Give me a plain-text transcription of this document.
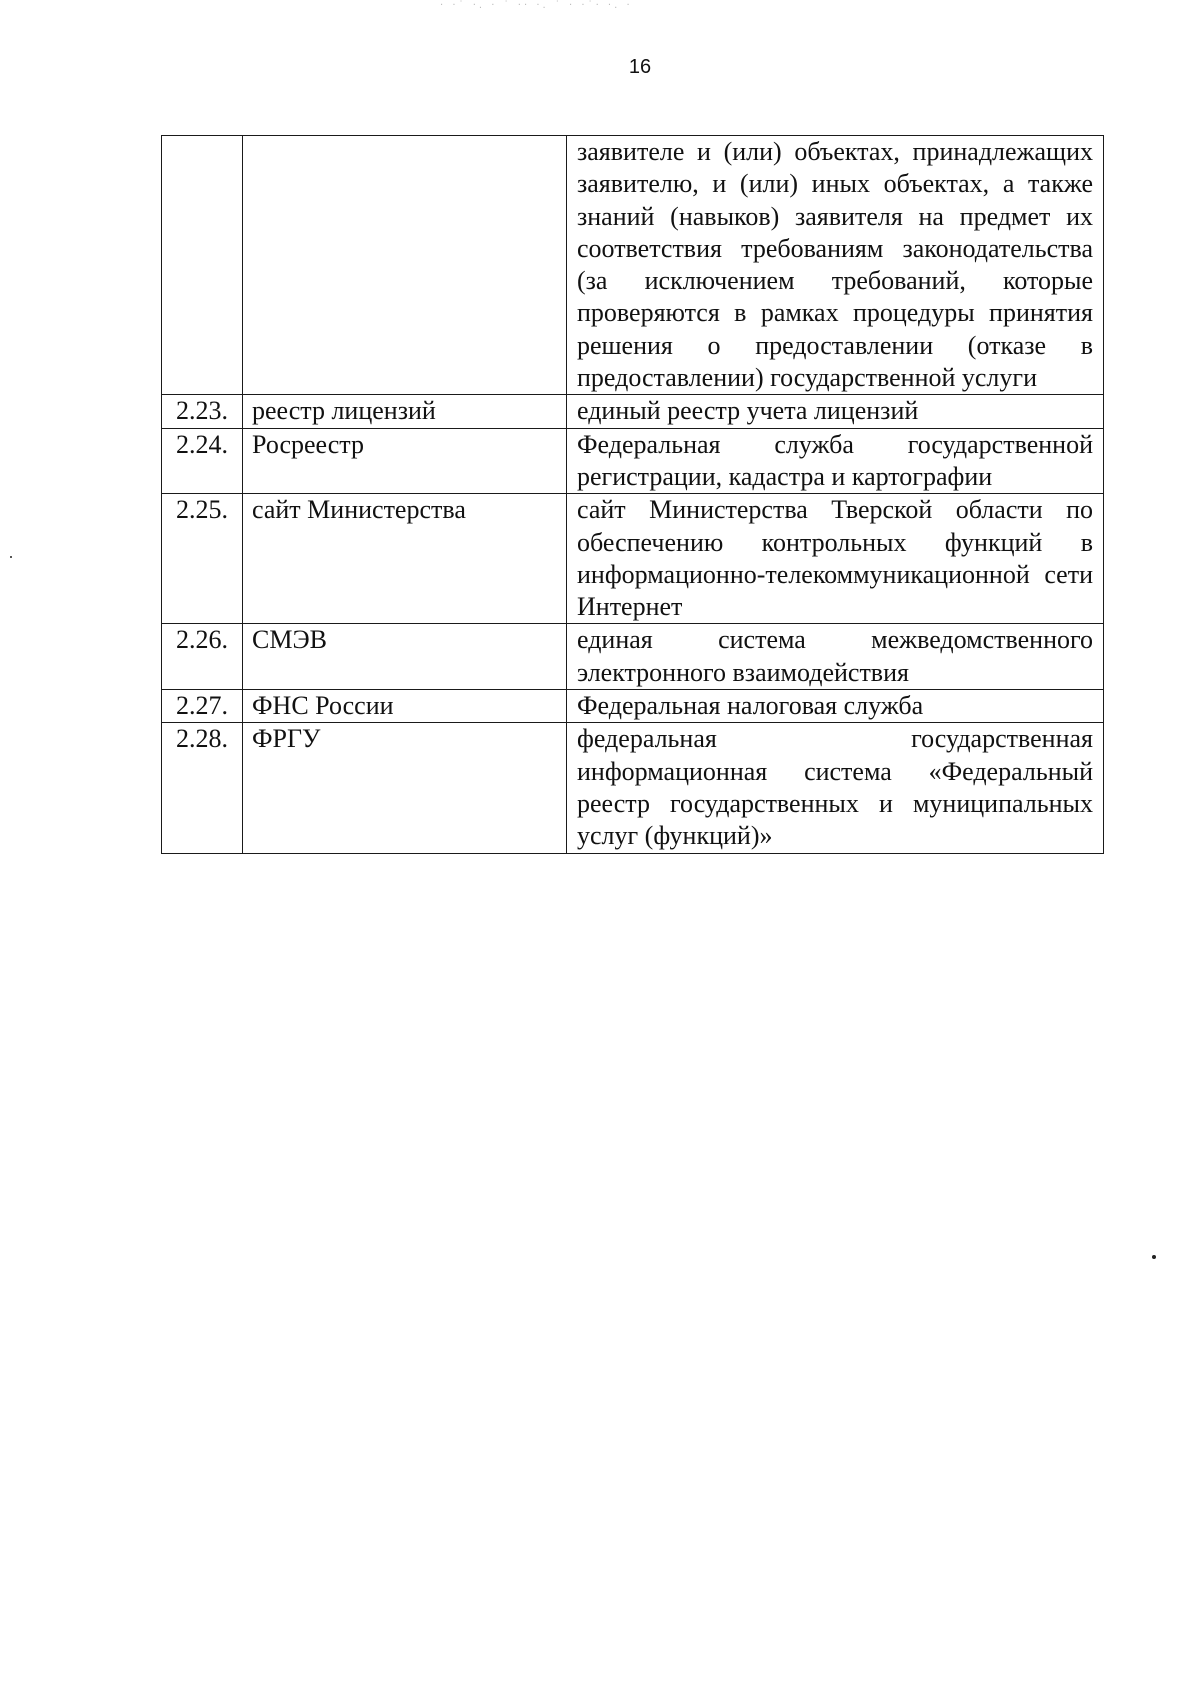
· ·˙ ·. · ˙ ·· ·. ˙ · ·˙· ·. ·
16
		заявителе и (или) объектах, принадлежащих заявителю, и (или) иных объектах, а также знаний (навыков) заявителя на предмет их соответствия требованиям законодательства (за исключением требований, которые проверяются в рамках процедуры принятия решения о предоставлении (отказе в предоставлении) государственной услуги
2.23.	реестр лицензий	единый реестр учета лицензий
2.24.	Росреестр	Федеральная служба государственной регистрации, кадастра и картографии
2.25.	сайт Министерства	сайт Министерства Тверской области по обеспечению контрольных функций в информационно-телекоммуникационной сети Интернет
2.26.	СМЭВ	единая система межведомственного электронного взаимодействия
2.27.	ФНС России	Федеральная налоговая служба
2.28.	ФРГУ	федеральная государственная информационная система «Федеральный реестр государственных и муниципальных услуг (функций)»
